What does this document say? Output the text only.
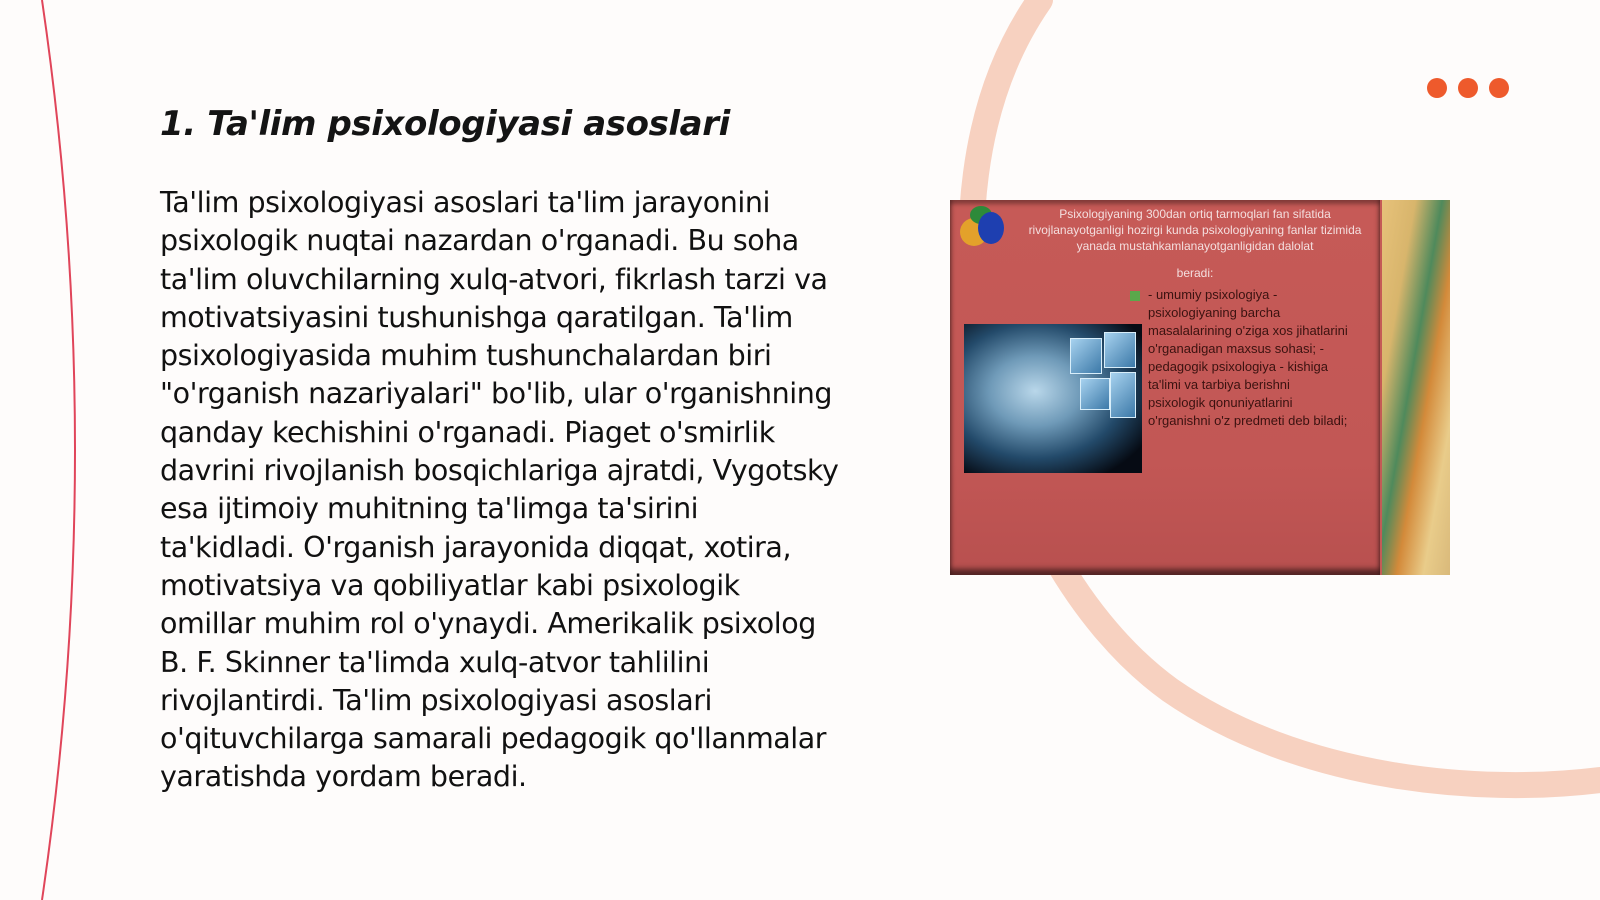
1. Ta'lim psixologiyasi asoslari

Ta'lim psixologiyasi asoslari ta'lim jarayonini psixologik nuqtai nazardan o'rganadi. Bu soha ta'lim oluvchilarning xulq-atvori, fikrlash tarzi va motivatsiyasini tushunishga qaratilgan. Ta'lim psixologiyasida muhim tushunchalardan biri "o'rganish nazariyalari" bo'lib, ular o'rganishning qanday kechishini o'rganadi. Piaget o'smirlik davrini rivojlanish bosqichlariga ajratdi, Vygotsky esa ijtimoiy muhitning ta'limga ta'sirini ta'kidladi. O'rganish jarayonida diqqat, xotira, motivatsiya va qobiliyatlar kabi psixologik omillar muhim rol o'ynaydi. Amerikalik psixolog B. F. Skinner ta'limda xulq-atvor tahlilini rivojlantirdi. Ta'lim psixologiyasi asoslari o'qituvchilarga samarali pedagogik qo'llanmalar yaratishda yordam beradi.

Psixologiyaning 300dan ortiq tarmoqlari fan sifatida rivojlanayotganligi hozirgi kunda psixologiyaning fanlar tizimida yanada mustahkamlanayotganligidan dalolat

beradi:

- umumiy psixologiya - psixologiyaning barcha masalalarining o'ziga xos jihatlarini o'rganadigan maxsus sohasi; - pedagogik psixologiya - kishiga ta'limi va tarbiya berishni psixologik qonuniyatlarini o'rganishni o'z predmeti deb biladi;
